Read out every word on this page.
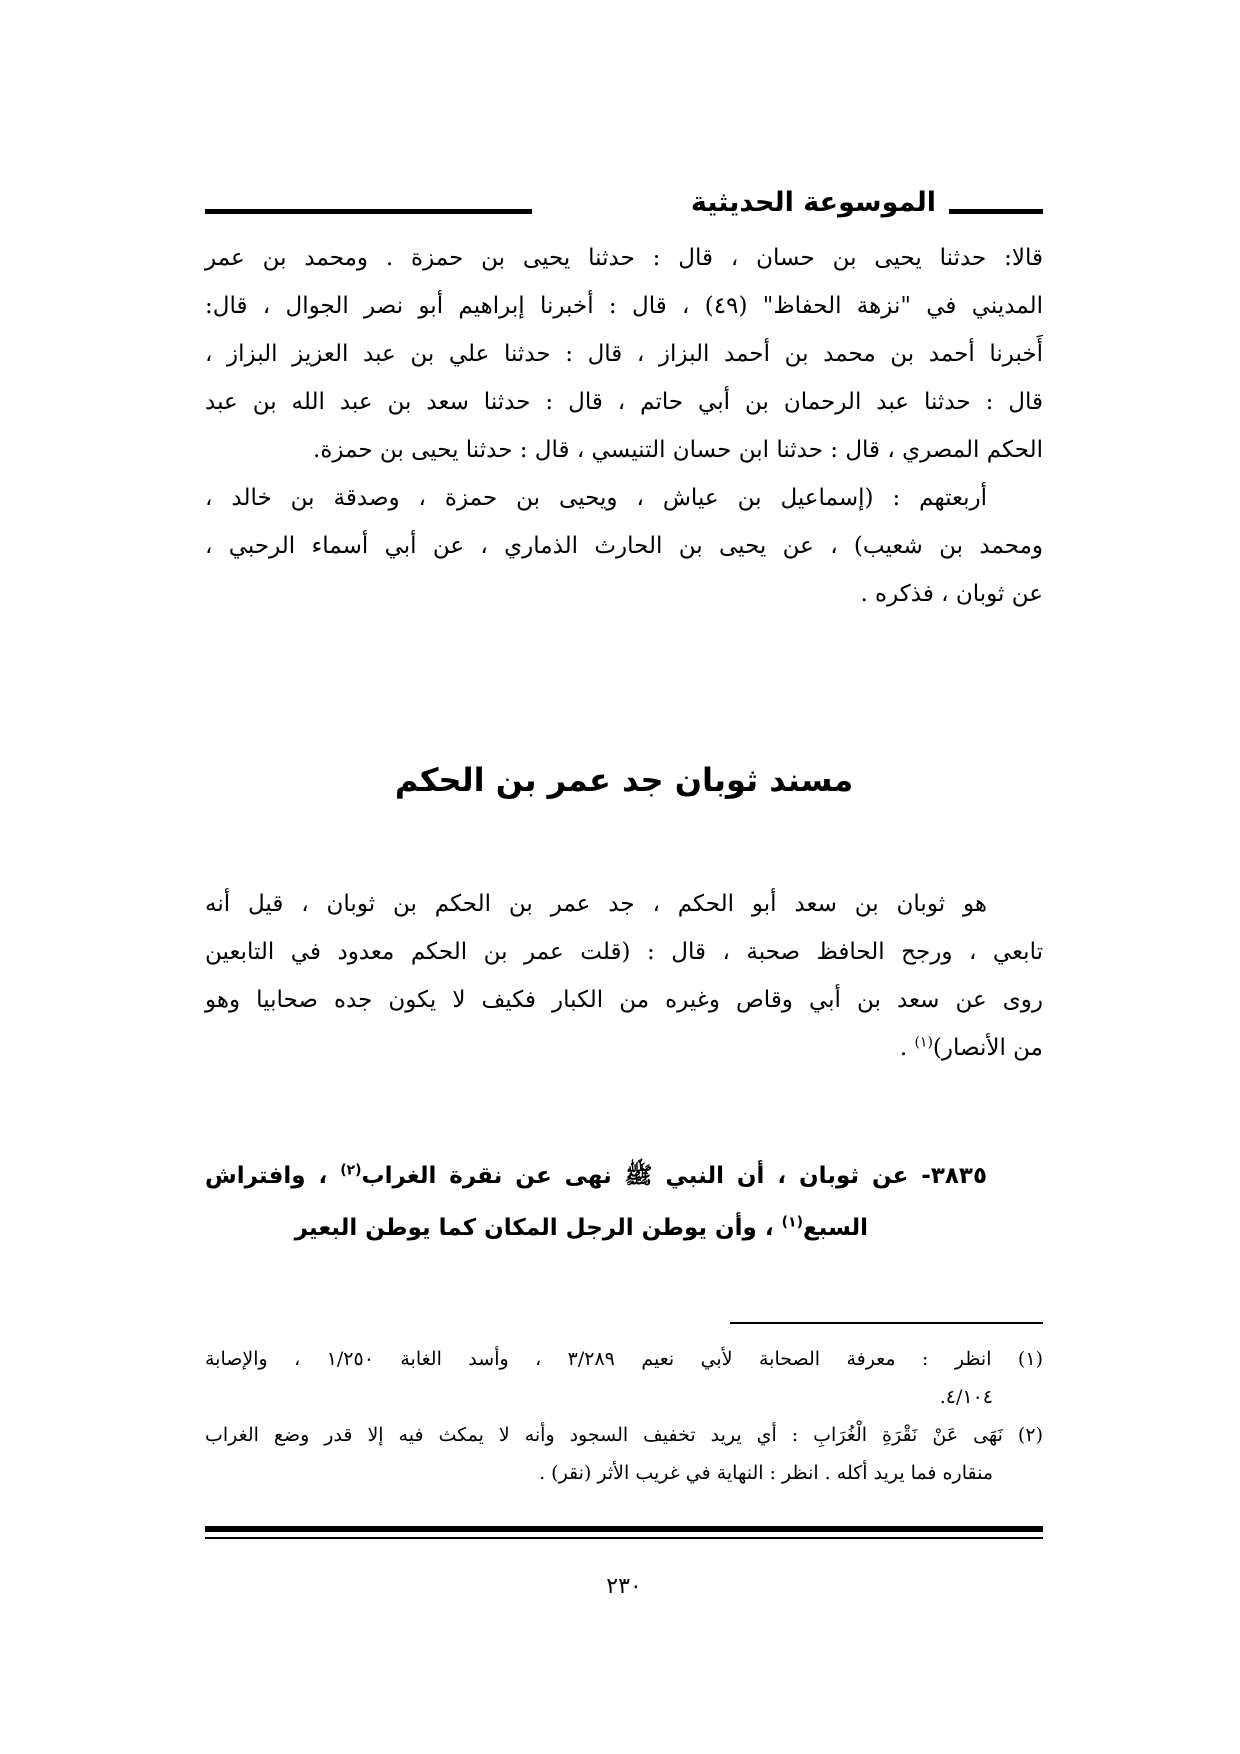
الموسوعة الحديثية
قالا: حدثنا يحيى بن حسان ، قال : حدثنا يحيى بن حمزة . ومحمد بن عمر
المديني في "نزهة الحفاظ" (٤٩) ، قال : أخبرنا إبراهيم أبو نصر الجوال ، قال:
أَخبرنا أحمد بن محمد بن أحمد البزاز ، قال : حدثنا علي بن عبد العزيز البزاز ،
قال : حدثنا عبد الرحمان بن أبي حاتم ، قال : حدثنا سعد بن عبد الله بن عبد
الحكم المصري ، قال : حدثنا ابن حسان التنيسي ، قال : حدثنا يحيى بن حمزة.
أربعتهم : (إسماعيل بن عياش ، ويحيى بن حمزة ، وصدقة بن خالد ،
ومحمد بن شعيب) ، عن يحيى بن الحارث الذماري ، عن أبي أسماء الرحبي ،
عن ثوبان ، فذكره .
مسند ثوبان جد عمر بن الحكم
هو ثوبان بن سعد أبو الحكم ، جد عمر بن الحكم بن ثوبان ، قيل أنه
تابعي ، ورجح الحافظ صحبة ، قال : (قلت عمر بن الحكم معدود في التابعين
روى عن سعد بن أبي وقاص وغيره من الكبار فكيف لا يكون جده صحابيا وهو
من الأنصار)$^{(١)}$ .
٣٨٣٥- عن ثوبان ، أن النبي ﷺ نهى عن نقرة الغراب$^{(٢)}$ ، وافتراش
السبع$^{(١)}$ ، وأن يوطن الرجل المكان كما يوطن البعير
(١) انظر : معرفة الصحابة لأبي نعيم ٣/٢٨٩ ، وأسد الغابة ١/٢٥٠ ، والإصابة
٤/١٠٤.
(٢) نَهَى عَنْ نَقْرَةِ الْغُرَابِ : أي يريد تخفيف السجود وأنه لا يمكث فيه إلا قدر وضع الغراب
منقاره فما يريد أكله . انظر : النهاية في غريب الأثر (نقر) .
٢٣٠
